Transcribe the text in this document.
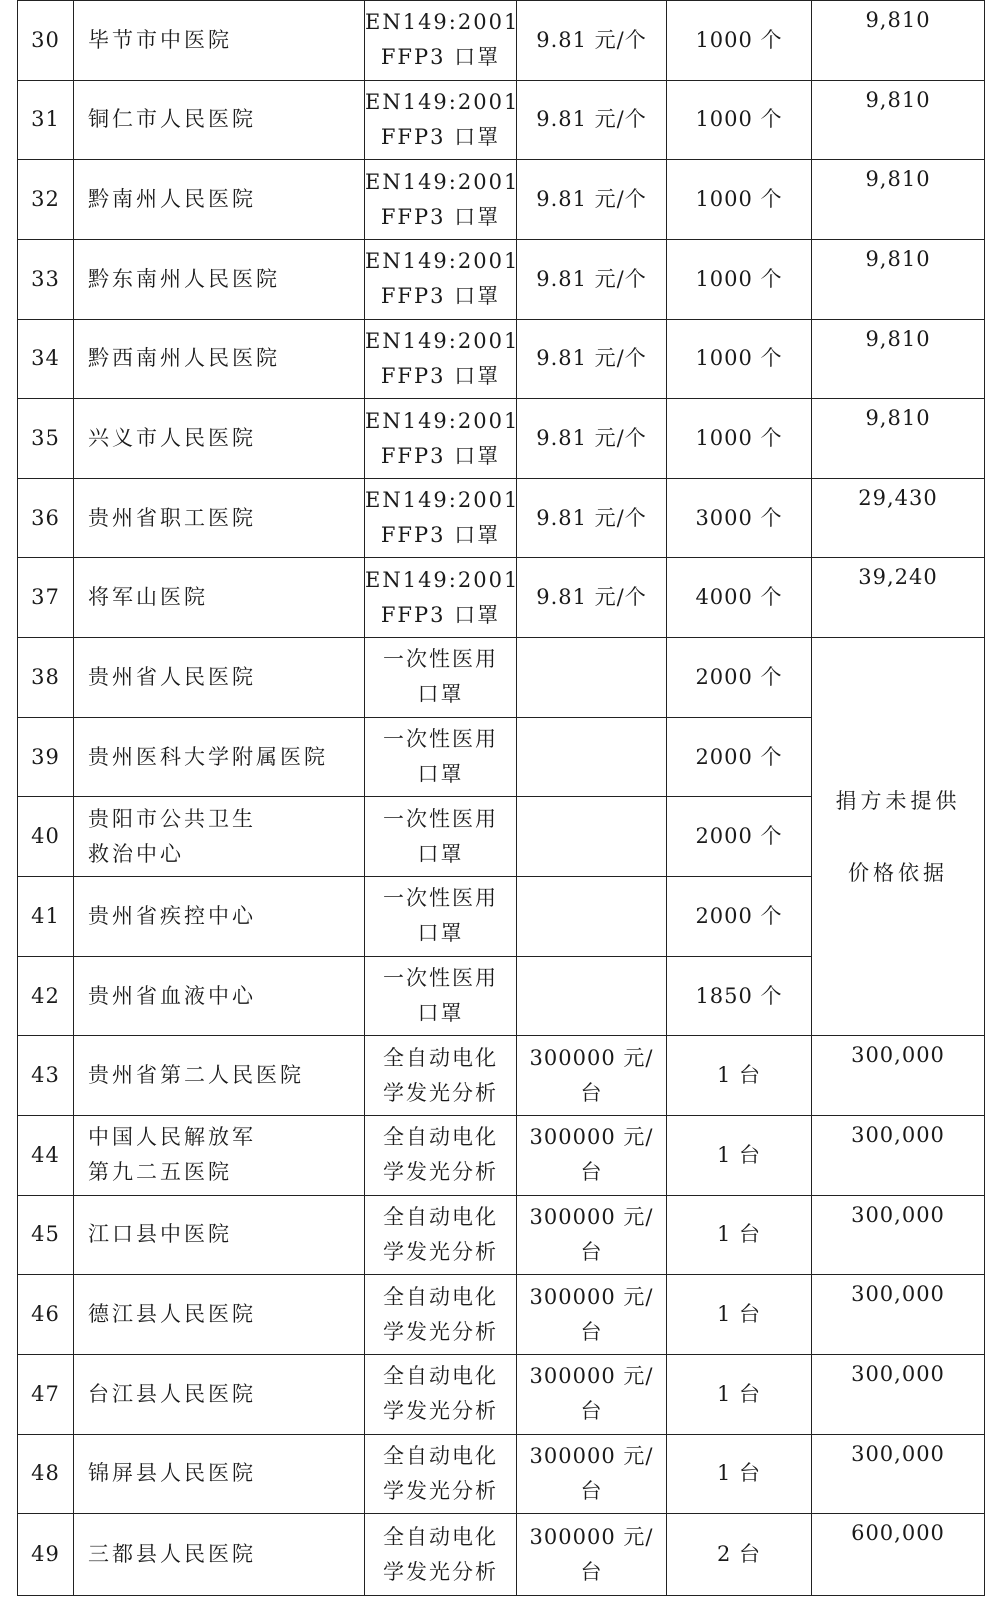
30	毕节市中医院	EN149:2001
FFP3 口罩	9.81 元/个	1000 个	9,810
31	铜仁市人民医院	EN149:2001
FFP3 口罩	9.81 元/个	1000 个	9,810
32	黔南州人民医院	EN149:2001
FFP3 口罩	9.81 元/个	1000 个	9,810
33	黔东南州人民医院	EN149:2001
FFP3 口罩	9.81 元/个	1000 个	9,810
34	黔西南州人民医院	EN149:2001
FFP3 口罩	9.81 元/个	1000 个	9,810
35	兴义市人民医院	EN149:2001
FFP3 口罩	9.81 元/个	1000 个	9,810
36	贵州省职工医院	EN149:2001
FFP3 口罩	9.81 元/个	3000 个	29,430
37	将军山医院	EN149:2001
FFP3 口罩	9.81 元/个	4000 个	39,240
38	贵州省人民医院	一次性医用
口罩		2000 个	捐方未提供
价格依据

39	贵州医科大学附属医院	一次性医用
口罩		2000 个	
40	贵阳市公共卫生
救治中心	一次性医用
口罩		2000 个	
41	贵州省疾控中心	一次性医用
口罩		2000 个	
42	贵州省血液中心	一次性医用
口罩		1850 个	
43	贵州省第二人民医院	全自动电化
学发光分析	300000 元/
台	1 台	300,000
44	中国人民解放军
第九二五医院	全自动电化
学发光分析	300000 元/
台	1 台	300,000
45	江口县中医院	全自动电化
学发光分析	300000 元/
台	1 台	300,000
46	德江县人民医院	全自动电化
学发光分析	300000 元/
台	1 台	300,000
47	台江县人民医院	全自动电化
学发光分析	300000 元/
台	1 台	300,000
48	锦屏县人民医院	全自动电化
学发光分析	300000 元/
台	1 台	300,000
49	三都县人民医院	全自动电化
学发光分析	300000 元/
台	2 台	600,000
